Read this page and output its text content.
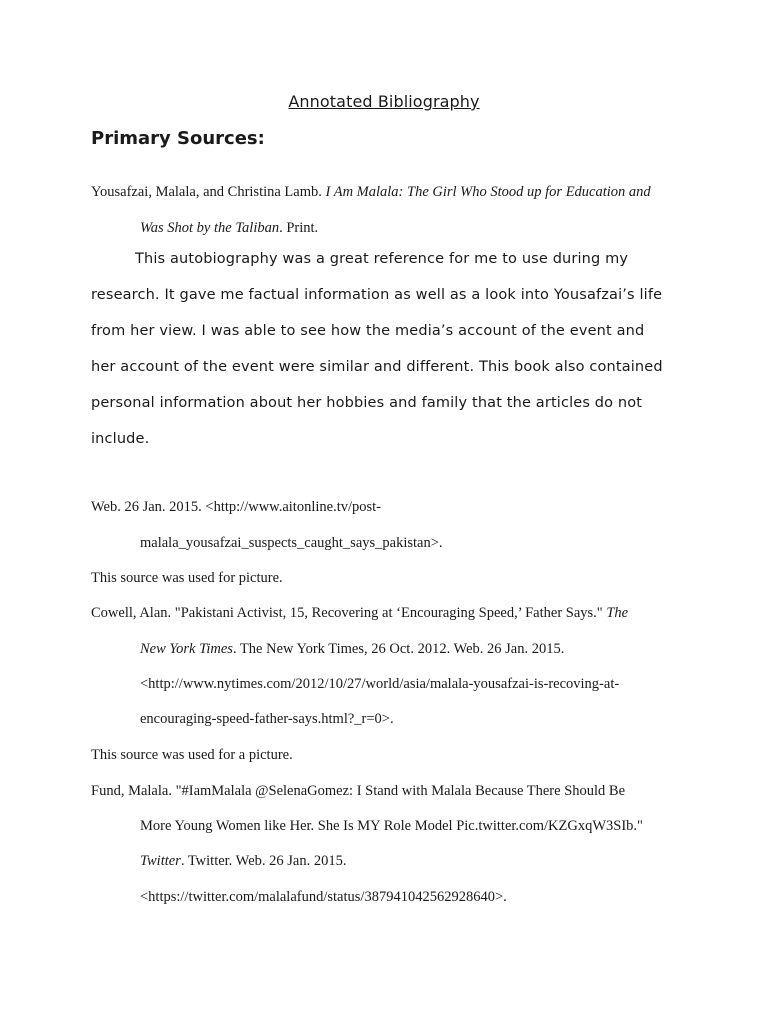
Annotated Bibliography
Primary Sources:
Yousafzai, Malala, and Christina Lamb. I Am Malala: The Girl Who Stood up for Education and
Was Shot by the Taliban. Print.
This autobiography was a great reference for me to use during my
research. It gave me factual information as well as a look into Yousafzai’s life
from her view. I was able to see how the media’s account of the event and
her account of the event were similar and different. This book also contained
personal information about her hobbies and family that the articles do not
include.
Web. 26 Jan. 2015. <http://www.aitonline.tv/post-
malala_yousafzai_suspects_caught_says_pakistan>.
This source was used for picture.
Cowell, Alan. "Pakistani Activist, 15, Recovering at ‘Encouraging Speed,’ Father Says." The
New York Times. The New York Times, 26 Oct. 2012. Web. 26 Jan. 2015.
<http://www.nytimes.com/2012/10/27/world/asia/malala-yousafzai-is-recoving-at-
encouraging-speed-father-says.html?_r=0>.
This source was used for a picture.
Fund, Malala. "#IamMalala @SelenaGomez: I Stand with Malala Because There Should Be
More Young Women like Her. She Is MY Role Model Pic.twitter.com/KZGxqW3SIb."
Twitter. Twitter. Web. 26 Jan. 2015.
<https://twitter.com/malalafund/status/387941042562928640>.
